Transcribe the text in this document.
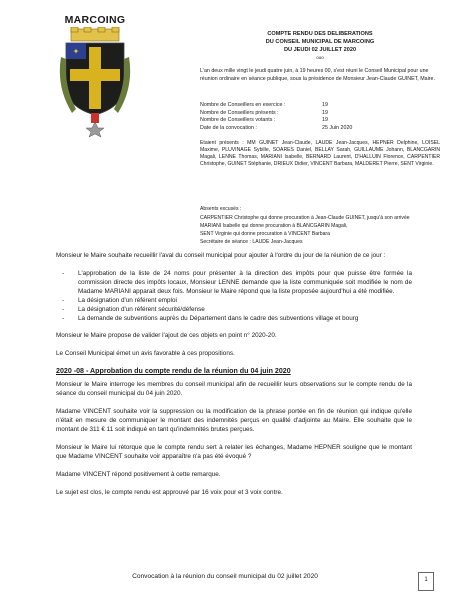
MARCOING
✦
COMPTE RENDU DES DELIBERATIONS
DU CONSEIL MUNICIPAL DE MARCOING
DU JEUDI 02 JUILLET 2020
ooo
L'an deux mille vingt le jeudi quatre juin, à 19 heures 00, s'est réuni le Conseil Municipal pour une réunion ordinaire en séance publique, sous la présidence de Monsieur Jean-Claude GUINET, Maire.
Nombre de Conseillers en exercice :	19
Nombre de Conseillers présents :	19
Nombre de Conseillers votants :	19
Date de la convocation :	25 Juin 2020
Etaient présents : MM GUINET Jean-Claude, LAUDE Jean-Jacques, HEPNER Delphine, LOISEL Maxime, PLUVINAGE Sybille, SOARES Daniel, BELLAY Sarah, GUILLAUME Johann, BLANCGARIN Magali, LENNE Thomas, MARIANI Isabelle, BERNARD Laurent, D'HALLUIN Florence, CARPENTIER Christophe, GUINET Stéphanie, DRIEUX Didier, VINCENT Barbara, MALDERET Pierre, SENT Virginie.
Absents excusés :
CARPENTIER Christophe qui donne procuration à Jean-Claude GUINET, jusqu'à son arrivée
MARIANI Isabelle qui donne procuration à BLANCGARIN Magali,
SENT Virginie qui donne procuration à VINCENT Barbara
Secrétaire de séance : LAUDE Jean-Jacques

Monsieur le Maire souhaite recueillir l'aval du conseil municipal pour ajouter à l'ordre du jour de la réunion de ce jour :

-	L'approbation de la liste de 24 noms pour présenter à la direction des impôts pour que puisse être formée la commission directe des impôts locaux, Monsieur LENNE demande que la liste communiquée soit modifiée le nom de Madame MARIANI apparait deux fois. Monsieur le Maire répond que la liste proposée aujourd'hui a été modifiée.
-	La désignation d'un référent emploi
-	La désignation d'un référent sécurité/défense
-	La demande de subventions auprès du Département dans le cadre des subventions village et bourg

Monsieur le Maire propose de valider l'ajout de ces objets en point n° 2020-20.

Le Conseil Municipal émet un avis favorable à ces propositions.

2020 -08 - Approbation du compte rendu de la réunion du 04 juin 2020

Monsieur le Maire interroge les membres du conseil municipal afin de recueillir leurs observations sur le compte rendu de la séance du conseil municipal du 04 juin 2020.

Madame VINCENT souhaite voir la suppression ou la modification de la phrase portée en fin de réunion qui indique qu'elle n'était en mesure de communiquer le montant des indemnités perçus en qualité d'adjointe au Maire. Elle souhaite que le montant de 311 € 11 soit indiqué en tant qu'indemnités brutes perçues.

Monsieur le Maire lui rétorque que le compte rendu sert à relater les échanges, Madame HEPNER souligne que le montant que Madame VINCENT souhaite voir apparaître n'a pas été évoqué ?

Madame VINCENT répond positivement à cette remarque.

Le sujet est clos, le compte rendu est approuvé par 16 voix pour et 3 voix contre.

Convocation à la réunion du conseil municipal du 02 juillet 2020	1
